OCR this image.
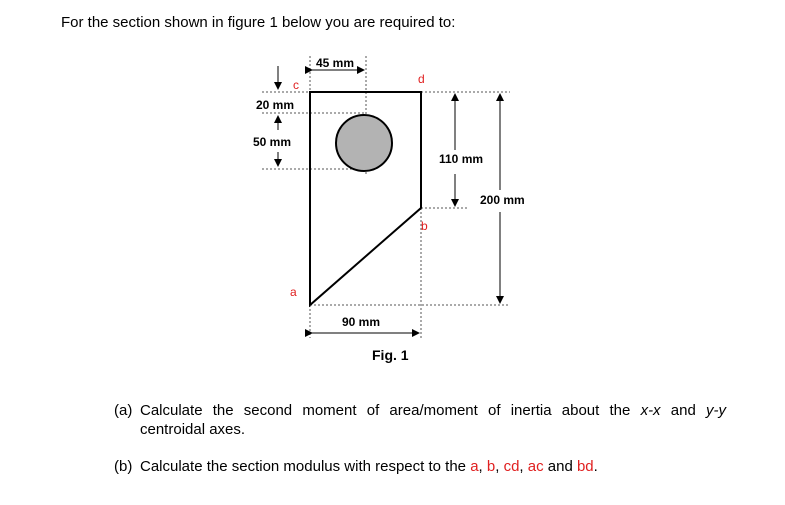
For the section shown in figure 1 below you are required to:
45 mm
20 mm
50 mm
110 mm
200 mm
90 mm
c	d
b
a
Fig. 1
(a) Calculate the second moment of area/moment of inertia about the x-x and y-y
centroidal axes.
(b) Calculate the section modulus with respect to the a, b, cd, ac and bd.
